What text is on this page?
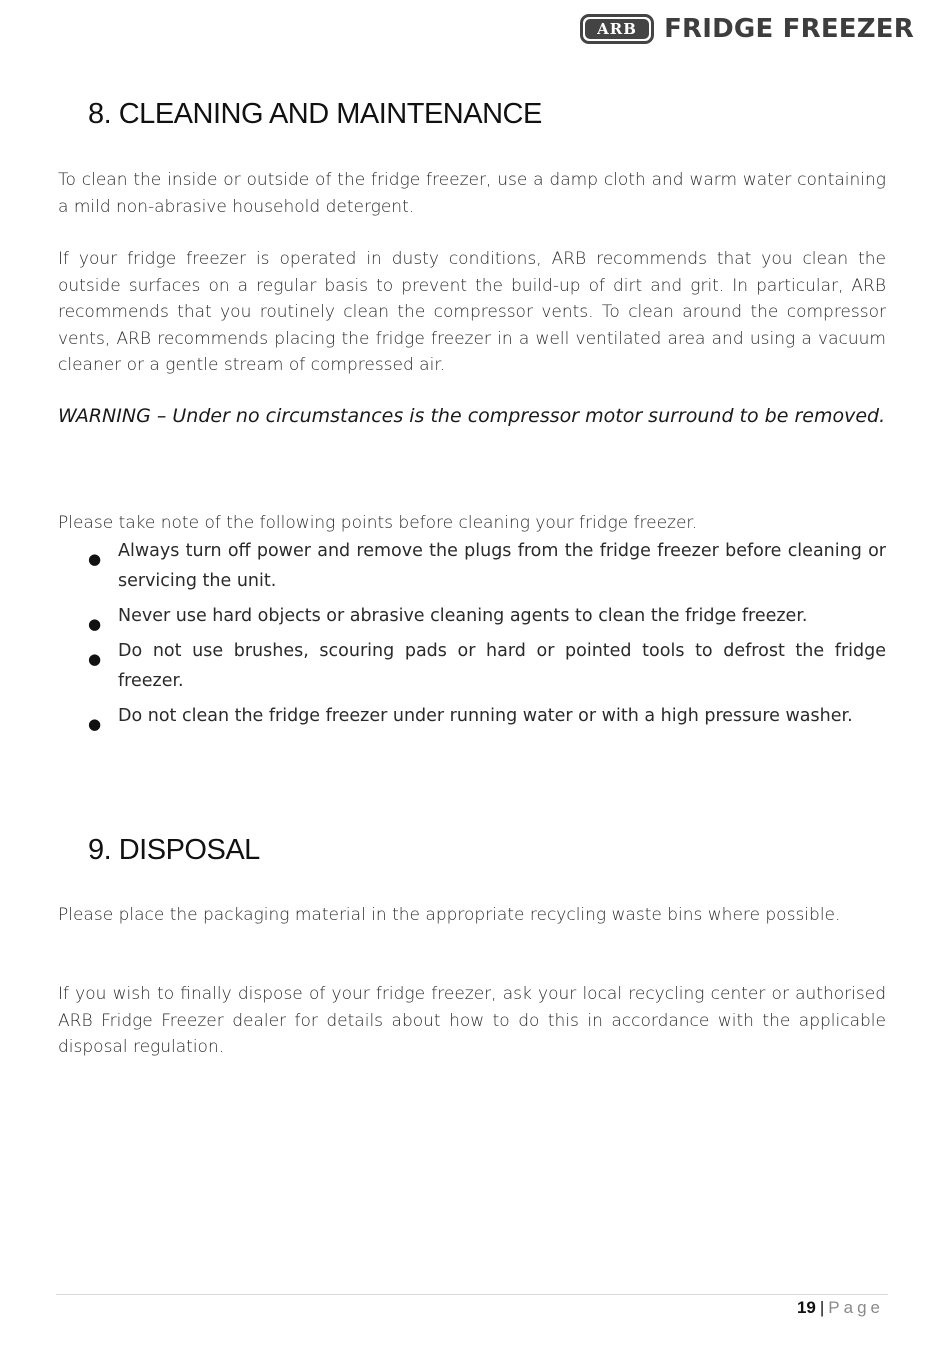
ARB FRIDGE FREEZER
8. CLEANING AND MAINTENANCE

To clean the inside or outside of the fridge freezer, use a damp cloth and warm water containing a mild non-abrasive household detergent.

If your fridge freezer is operated in dusty conditions, ARB recommends that you clean the outside surfaces on a regular basis to prevent the build-up of dirt and grit. In particular, ARB recommends that you routinely clean the compressor vents. To clean around the compressor vents, ARB recommends placing the fridge freezer in a well ventilated area and using a vacuum cleaner or a gentle stream of compressed air.

WARNING – Under no circumstances is the compressor motor surround to be removed.

Please take note of the following points before cleaning your fridge freezer.

● Always turn off power and remove the plugs from the fridge freezer before cleaning or servicing the unit.
● Never use hard objects or abrasive cleaning agents to clean the fridge freezer.
● Do not use brushes, scouring pads or hard or pointed tools to defrost the fridge freezer.
● Do not clean the fridge freezer under running water or with a high pressure washer.
9. DISPOSAL

Please place the packaging material in the appropriate recycling waste bins where possible.

If you wish to finally dispose of your fridge freezer, ask your local recycling center or authorised ARB Fridge Freezer dealer for details about how to do this in accordance with the applicable disposal regulation.

19 | Page
